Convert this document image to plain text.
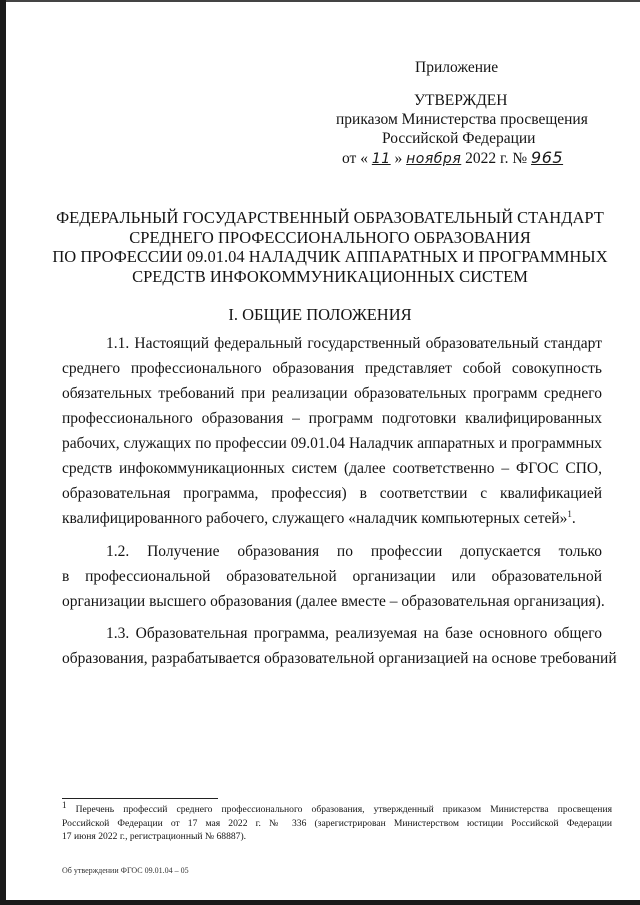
Приложение
УТВЕРЖДЕН
приказом Министерства просвещения
Российской Федерации
от « 11 » ноября 2022 г. № 965
ФЕДЕРАЛЬНЫЙ ГОСУДАРСТВЕННЫЙ ОБРАЗОВАТЕЛЬНЫЙ СТАНДАРТ
СРЕДНЕГО ПРОФЕССИОНАЛЬНОГО ОБРАЗОВАНИЯ
ПО ПРОФЕССИИ 09.01.04 НАЛАДЧИК АППАРАТНЫХ И ПРОГРАММНЫХ
СРЕДСТВ ИНФОКОММУНИКАЦИОННЫХ СИСТЕМ
I. ОБЩИЕ ПОЛОЖЕНИЯ
1.1. Настоящий федеральный государственный образовательный стандарт
среднего профессионального образования представляет собой совокупность
обязательных требований при реализации образовательных программ среднего
профессионального образования – программ подготовки квалифицированных
рабочих, служащих по профессии 09.01.04 Наладчик аппаратных и программных
средств инфокоммуникационных систем (далее соответственно – ФГОС СПО,
образовательная программа, профессия) в соответствии с квалификацией
квалифицированного рабочего, служащего «наладчик компьютерных сетей»$^1$.
1.2. Получение образования по профессии допускается только
в профессиональной образовательной организации или образовательной
организации высшего образования (далее вместе – образовательная организация).
1.3. Образовательная программа, реализуемая на базе основного общего
образования, разрабатывается образовательной организацией на основе требований
$^1$ Перечень профессий среднего профессионального образования, утвержденный приказом Министерства просвещения
Российской Федерации от 17 мая 2022 г. № 336 (зарегистрирован Министерством юстиции Российской Федерации
17 июня 2022 г., регистрационный № 68887).
Об утверждении ФГОС 09.01.04 – 05
